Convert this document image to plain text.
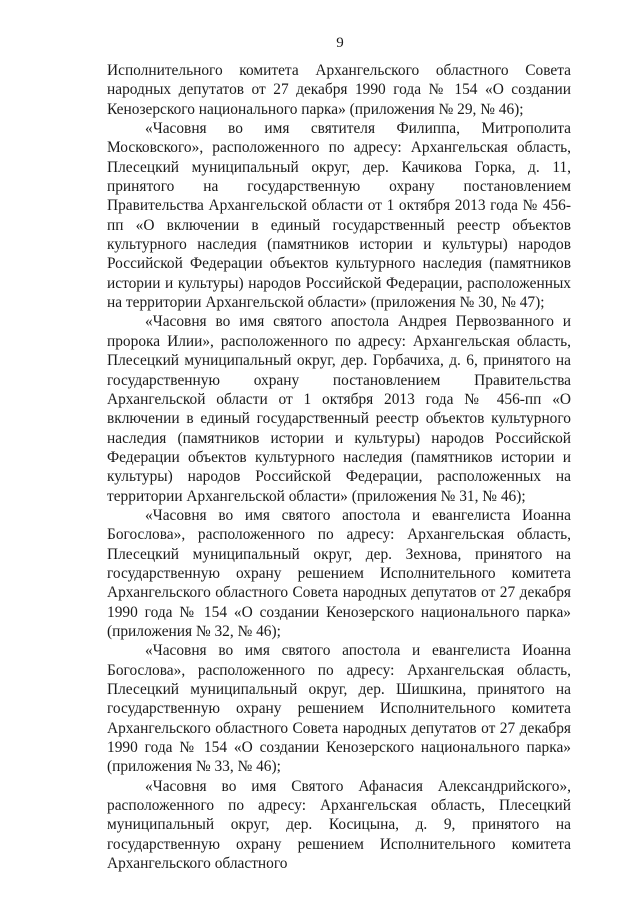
9

Исполнительного комитета Архангельского областного Совета народных депутатов от 27 декабря 1990 года № 154 «О создании Кенозерского национального парка» (приложения № 29, № 46);

«Часовня во имя святителя Филиппа, Митрополита Московского», расположенного по адресу: Архангельская область, Плесецкий муниципальный округ, дер. Качикова Горка, д. 11, принятого на государственную охрану постановлением Правительства Архангельской области от 1 октября 2013 года № 456-пп «О включении в единый государственный реестр объектов культурного наследия (памятников истории и культуры) народов Российской Федерации объектов культурного наследия (памятников истории и культуры) народов Российской Федерации, расположенных на территории Архангельской области» (приложения № 30, № 47);

«Часовня во имя святого апостола Андрея Первозванного и пророка Илии», расположенного по адресу: Архангельская область, Плесецкий муниципальный округ, дер. Горбачиха, д. 6, принятого на государственную охрану постановлением Правительства Архангельской области от 1 октября 2013 года № 456-пп «О включении в единый государственный реестр объектов культурного наследия (памятников истории и культуры) народов Российской Федерации объектов культурного наследия (памятников истории и культуры) народов Российской Федерации, расположенных на территории Архангельской области» (приложения № 31, № 46);

«Часовня во имя святого апостола и евангелиста Иоанна Богослова», расположенного по адресу: Архангельская область, Плесецкий муниципальный округ, дер. Зехнова, принятого на государственную охрану решением Исполнительного комитета Архангельского областного Совета народных депутатов от 27 декабря 1990 года № 154 «О создании Кенозерского национального парка» (приложения № 32, № 46);

«Часовня во имя святого апостола и евангелиста Иоанна Богослова», расположенного по адресу: Архангельская область, Плесецкий муниципальный округ, дер. Шишкина, принятого на государственную охрану решением Исполнительного комитета Архангельского областного Совета народных депутатов от 27 декабря 1990 года № 154 «О создании Кенозерского национального парка» (приложения № 33, № 46);

«Часовня во имя Святого Афанасия Александрийского», расположенного по адресу: Архангельская область, Плесецкий муниципальный округ, дер. Косицына, д. 9, принятого на государственную охрану решением Исполнительного комитета Архангельского областного
